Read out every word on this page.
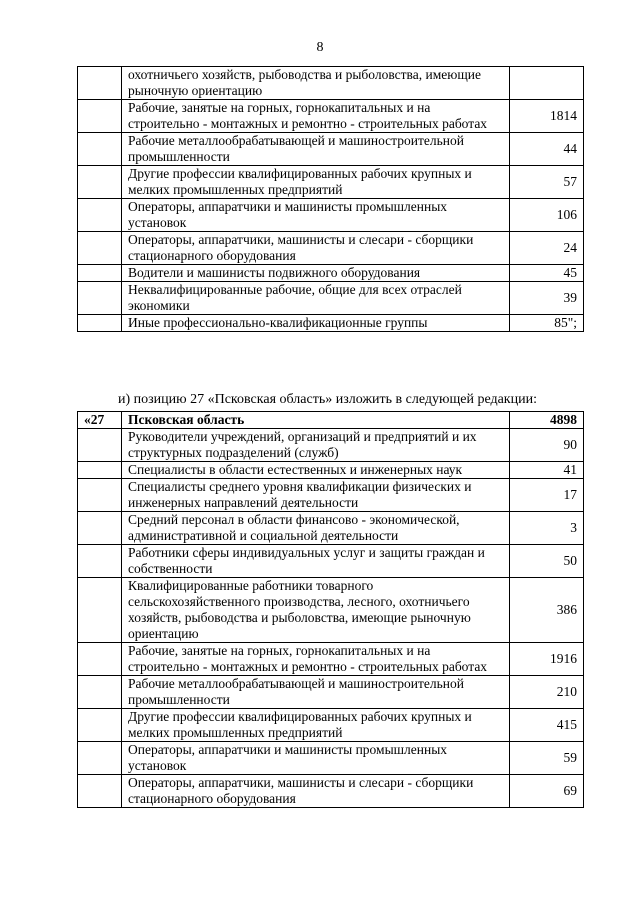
8
	охотничьего хозяйств, рыбоводства и рыболовства, имеющие рыночную ориентацию	
	Рабочие, занятые на горных, горнокапитальных и на строительно - монтажных и ремонтно - строительных работах	1814
	Рабочие металлообрабатывающей и машиностроительной промышленности	44
	Другие профессии квалифицированных рабочих крупных и мелких промышленных предприятий	57
	Операторы, аппаратчики и машинисты промышленных установок	106
	Операторы, аппаратчики, машинисты и слесари - сборщики стационарного оборудования	24
	Водители и машинисты подвижного оборудования	45
	Неквалифицированные рабочие, общие для всех отраслей экономики	39
	Иные профессионально-квалификационные группы	85";
и) позицию 27 «Псковская область» изложить в следующей редакции:
«27	Псковская область	4898
	Руководители учреждений, организаций и предприятий и их структурных подразделений (служб)	90
	Специалисты в области естественных и инженерных наук	41
	Специалисты среднего уровня квалификации физических и инженерных направлений деятельности	17
	Средний персонал в области финансово - экономической, административной и социальной деятельности	3
	Работники сферы индивидуальных услуг и защиты граждан и собственности	50
	Квалифицированные работники товарного сельскохозяйственного производства, лесного, охотничьего хозяйств, рыбоводства и рыболовства, имеющие рыночную ориентацию	386
	Рабочие, занятые на горных, горнокапитальных и на строительно - монтажных и ремонтно - строительных работах	1916
	Рабочие металлообрабатывающей и машиностроительной промышленности	210
	Другие профессии квалифицированных рабочих крупных и мелких промышленных предприятий	415
	Операторы, аппаратчики и машинисты промышленных установок	59
	Операторы, аппаратчики, машинисты и слесари - сборщики стационарного оборудования	69
